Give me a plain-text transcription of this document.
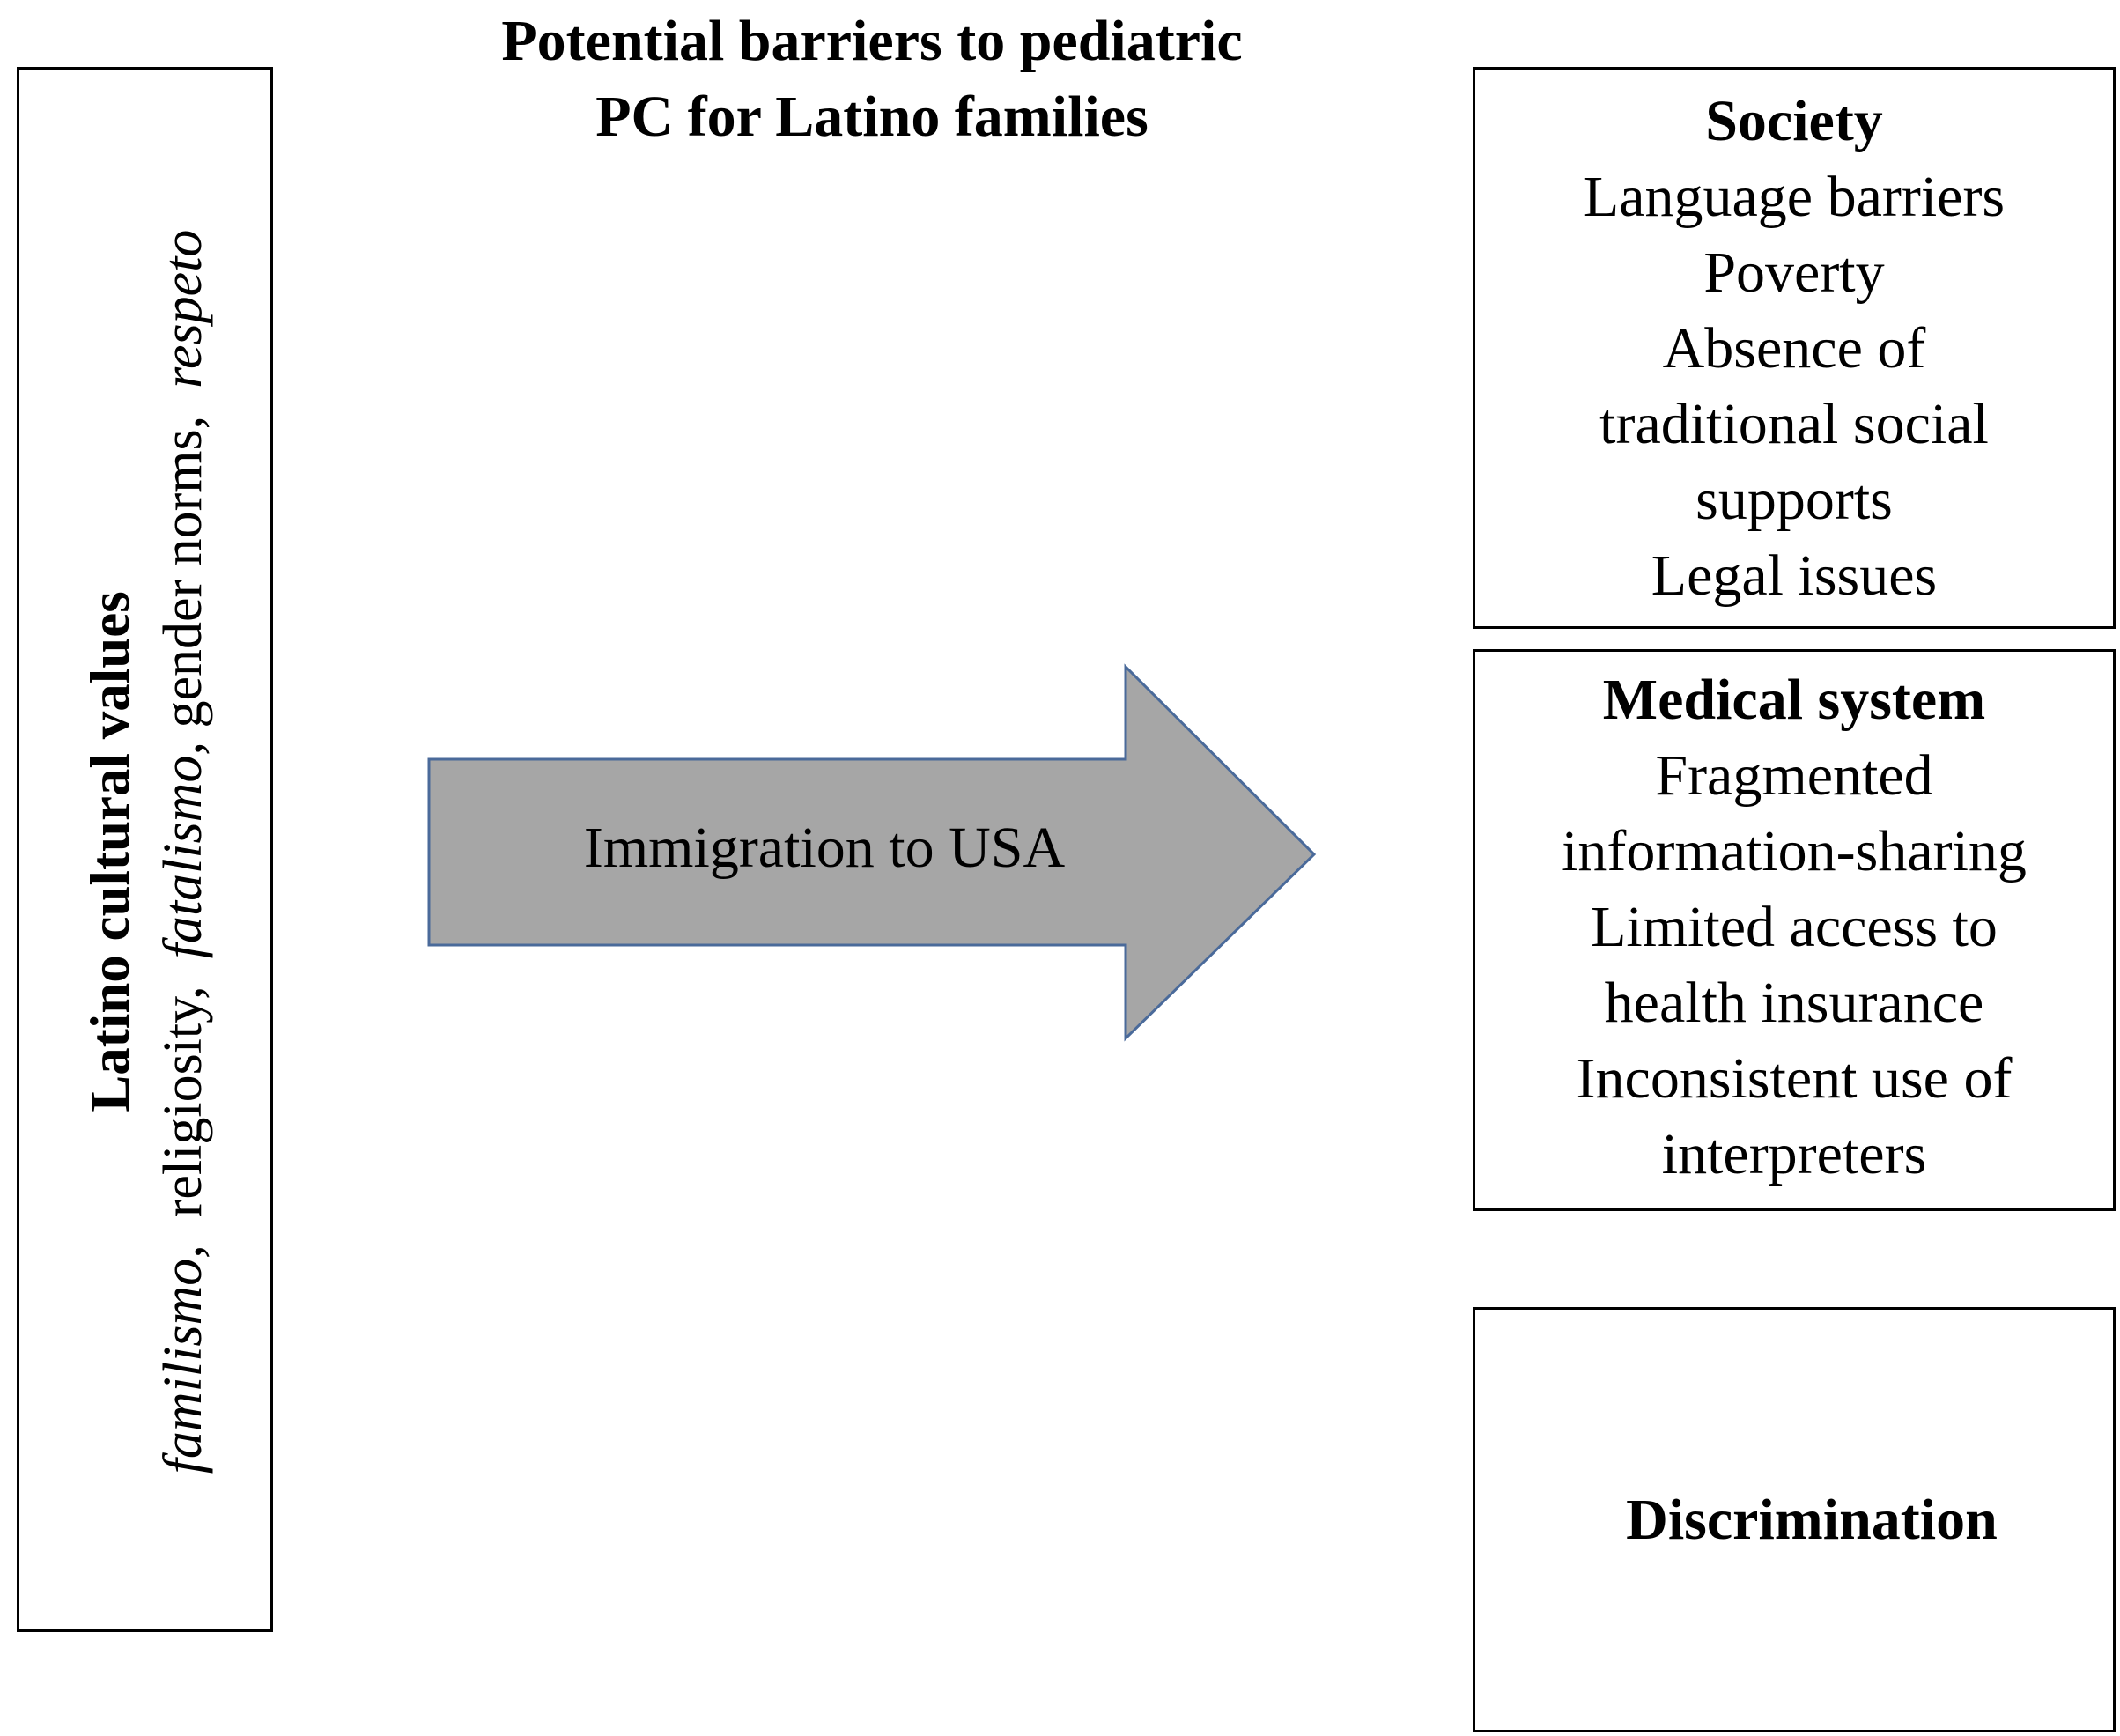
Potential barriers to pediatric
PC for Latino families
Latino cultural values
familismo,  religiosity,  fatalismo, gender norms,  respeto
Immigration to USA
Society
Language barriers
Poverty
Absence of
traditional social
supports
Legal issues
Medical system
Fragmented
information-sharing
Limited access to
health insurance
Inconsistent use of
interpreters
Discrimination
